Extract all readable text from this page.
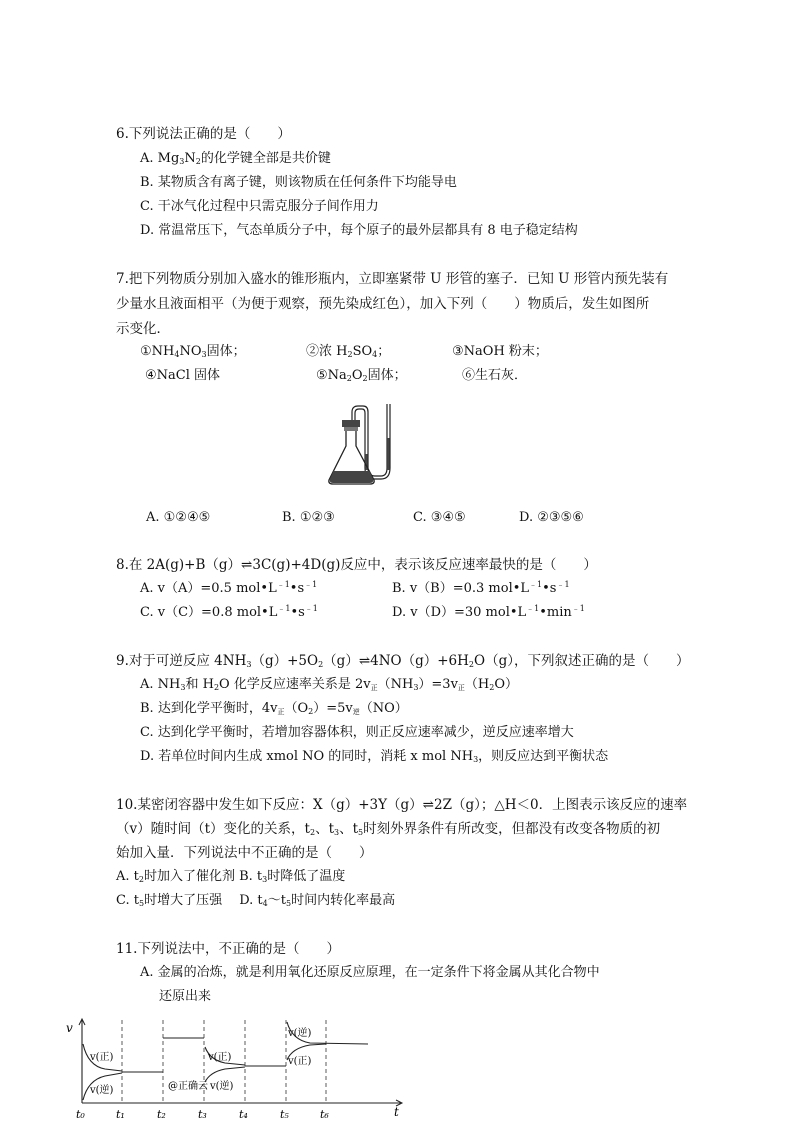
6.下列说法正确的是（　　）
A. $Mg_3N_2$的化学键全部是共价键
B. 某物质含有离子键，则该物质在任何条件下均能导电
C. 干冰气化过程中只需克服分子间作用力
D. 常温常压下，气态单质分子中，每个原子的最外层都具有 8 电子稳定结构
7.把下列物质分别加入盛水的锥形瓶内，立即塞紧带 U 形管的塞子．已知 U 形管内预先装有
少量水且液面相平（为便于观察，预先染成红色），加入下列（　　）物质后，发生如图所
示变化．
$①NH_4NO_3$固体；	②浓 $H_2SO_4$；	③NaOH 粉末；
④NaCl 固体	$⑤Na_2O_2$固体；	⑥生石灰．
A. ①②④⑤	B. ①②③	C. ③④⑤	D. ②③⑤⑥
8.在 2A(g)+B（g）⇌3C(g)+4D(g)反应中，表示该反应速率最快的是（　　）
A. v（A）=0.5 $mol•L^{﹣1}•s^{﹣1}$	B. v（B）=0.3 $mol•L^{﹣1}•s^{﹣1}$
C. v（C）=0.8 $mol•L^{﹣1}•s^{﹣1}$	D. v（D）=30 $mol•L^{﹣1}•\min^{﹣1}$
9.对于可逆反应 $4NH_3(g)+5O_2(g)\rightleftharpoons 4NO(g)+6H_2O(g)$，下列叙述正确的是（　　）
A. $NH_3$和 $H_2O$ 化学反应速率关系是 $2v_正(NH_3)=3v_正(H_2O)$
B. 达到化学平衡时，$4v_正(O_2)=5v_逆(NO)$
C. 达到化学平衡时，若增加容器体积，则正反应速率减少，逆反应速率增大
D. 若单位时间内生成 xmol NO 的同时，消耗 x mol $NH_3$，则反应达到平衡状态
10.某密闭容器中发生如下反应：X（g）+3Y（g）⇌2Z（g）；△H＜0．上图表示该反应的速率
（v）随时间（t）变化的关系，$t_2$、$t_3$、$t_5$时刻外界条件有所改变，但都没有改变各物质的初
始加入量．下列说法中不正确的是（　　）
A. $t_2$时加入了催化剂 B. $t_3$时降低了温度
C. $t_5$时增大了压强　 D. $t_4\sim t_5$时间内转化率最高
11.下列说法中，不正确的是（　　）
A. 金属的冶炼，就是利用氧化还原反应原理，在一定条件下将金属从其化合物中
还原出来
v
t
v(正)
v(逆)
v(正)
v(逆)
v(正)
@正确云 v(逆)
t₀	t₁	t₂	t₃	t₄	t₅	t₆
